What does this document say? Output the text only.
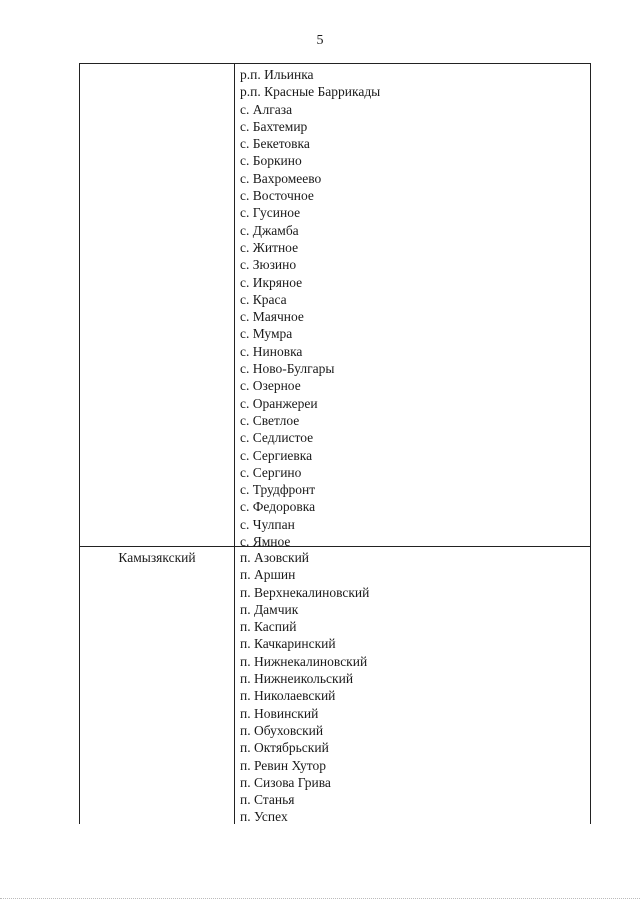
5
р.п. Ильинка
р.п. Красные Баррикады
с. Алгаза
с. Бахтемир
с. Бекетовка
с. Боркино
с. Вахромеево
с. Восточное
с. Гусиное
с. Джамба
с. Житное
с. Зюзино
с. Икряное
с. Краса
с. Маячное
с. Мумра
с. Ниновка
с. Ново-Булгары
с. Озерное
с. Оранжереи
с. Светлое
с. Седлистое
с. Сергиевка
с. Сергино
с. Трудфронт
с. Федоровка
с. Чулпан
с. Ямное
Камызякский	п. Азовский
п. Аршин
п. Верхнекалиновский
п. Дамчик
п. Каспий
п. Качкаринский
п. Нижнекалиновский
п. Нижнеикольский
п. Николаевский
п. Новинский
п. Обуховский
п. Октябрьский
п. Ревин Хутор
п. Сизова Грива
п. Станья
п. Успех
